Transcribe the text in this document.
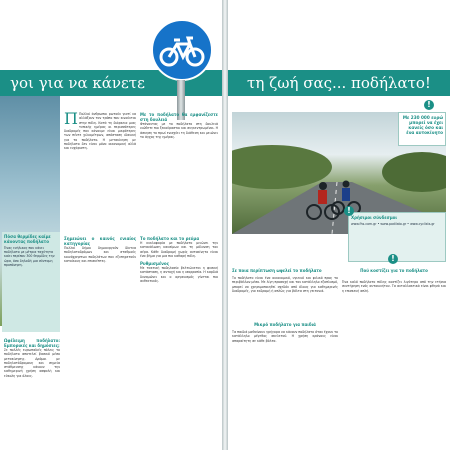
γοι για να κάνετε
Π Πολλοί άνθρωποι ρωτούν γιατί να αλλάξουν τον τρόπο που κινούνται στην πόλη. Κατά τη διάρκεια μιας τυπικής ημέρας οι περισσότερες διαδρομές που κάνουμε είναι μικρότερες των πέντε χιλιομέτρων, απόσταση ιδανική για το ποδήλατο. Η μετακίνηση με ποδήλατο δεν είναι μόνο οικονομική αλλά και ευχάριστη.
Με το ποδήλατο θα εμφανίζεστε στη δουλειά
Φτάνοντας με το ποδήλατο στη δουλειά νιώθετε πιο ξεκούραστοι και συγκεντρωμένοι. Η άσκηση το πρωί ενισχύει τη διάθεση και μειώνει το άγχος της ημέρας.
Πόσα θερμίδες καίμε κάνοντας ποδήλατο
Ένας ενήλικας που κάνει ποδήλατο με μέτρια ταχύτητα καίει περίπου 300 θερμίδες την ώρα, όσο δηλαδή μια σύντομη προπόνηση.
Ωφέλειμη ποδήλατο: Εμπορικές και δημόσιες;
Σε πολλές ευρωπαϊκές πόλεις το ποδήλατο αποτελεί βασικό μέσο μετακίνησης. Δρόμοι με ποδηλατόδρομους και σημεία στάθμευσης κάνουν την καθημερινή χρήση ασφαλή και εύκολη για όλους.
Σημειώνει ο καινός ενιαίος κατηγορίας
Πολλοί δήμοι δημιουργούν δίκτυα ποδηλατοδρόμων και σταθμούς κοινόχρηστων ποδηλάτων που εξυπηρετούν κατοίκους και επισκέπτες.
Το ποδήλατο και το ρεύμα
Η κυκλοφορία με ποδήλατο μειώνει την κατανάλωση καυσίμων και τη μόλυνση του αέρα. Κάθε διαδρομή χωρίς αυτοκίνητο είναι ένα βήμα για μια πιο καθαρή πόλη.
Ρυθμισμένος
Με τακτική ποδηλασία βελτιώνεται η φυσική κατάσταση, η αντοχή και η ισορροπία. Η καρδιά δυναμώνει και ο οργανισμός γίνεται πιο ανθεκτικός.
τη ζωή σας... ποδήλατο!
Με 230 000 ευρώ μπορεί να έχει κανείς όσο και ένα αυτοκίνητο
!
Χρήσιμοι σύνδεσμοι
www.fhs.com.gr • www.podilato.gr • www.cyclists.gr
!
Σε ποια περίπτωση ωφελεί το ποδήλατο
Το ποδήλατο είναι ένα οικονομικό, υγιεινό και φιλικό προς το περιβάλλον μέσο. Με λίγη προσοχή και τον κατάλληλο εξοπλισμό, μπορεί να χρησιμοποιηθεί σχεδόν από όλους για καθημερινές διαδρομές, για εκδρομή ή απλώς για βόλτα στη γειτονιά.
Μικρό ποδήλατο για παιδιά
Τα παιδιά μαθαίνουν γρήγορα να κάνουν ποδήλατο όταν έχουν το κατάλληλο μέγεθος σκελετού. Η χρήση κράνους είναι απαραίτητη σε κάθε βόλτα.
!
Πού κοστίζει για το ποδήλατο
Ένα καλό ποδήλατο πόλης κοστίζει λιγότερο από την ετήσια συντήρηση ενός αυτοκινήτου. Τα ανταλλακτικά είναι φθηνά και η επισκευή απλή.
